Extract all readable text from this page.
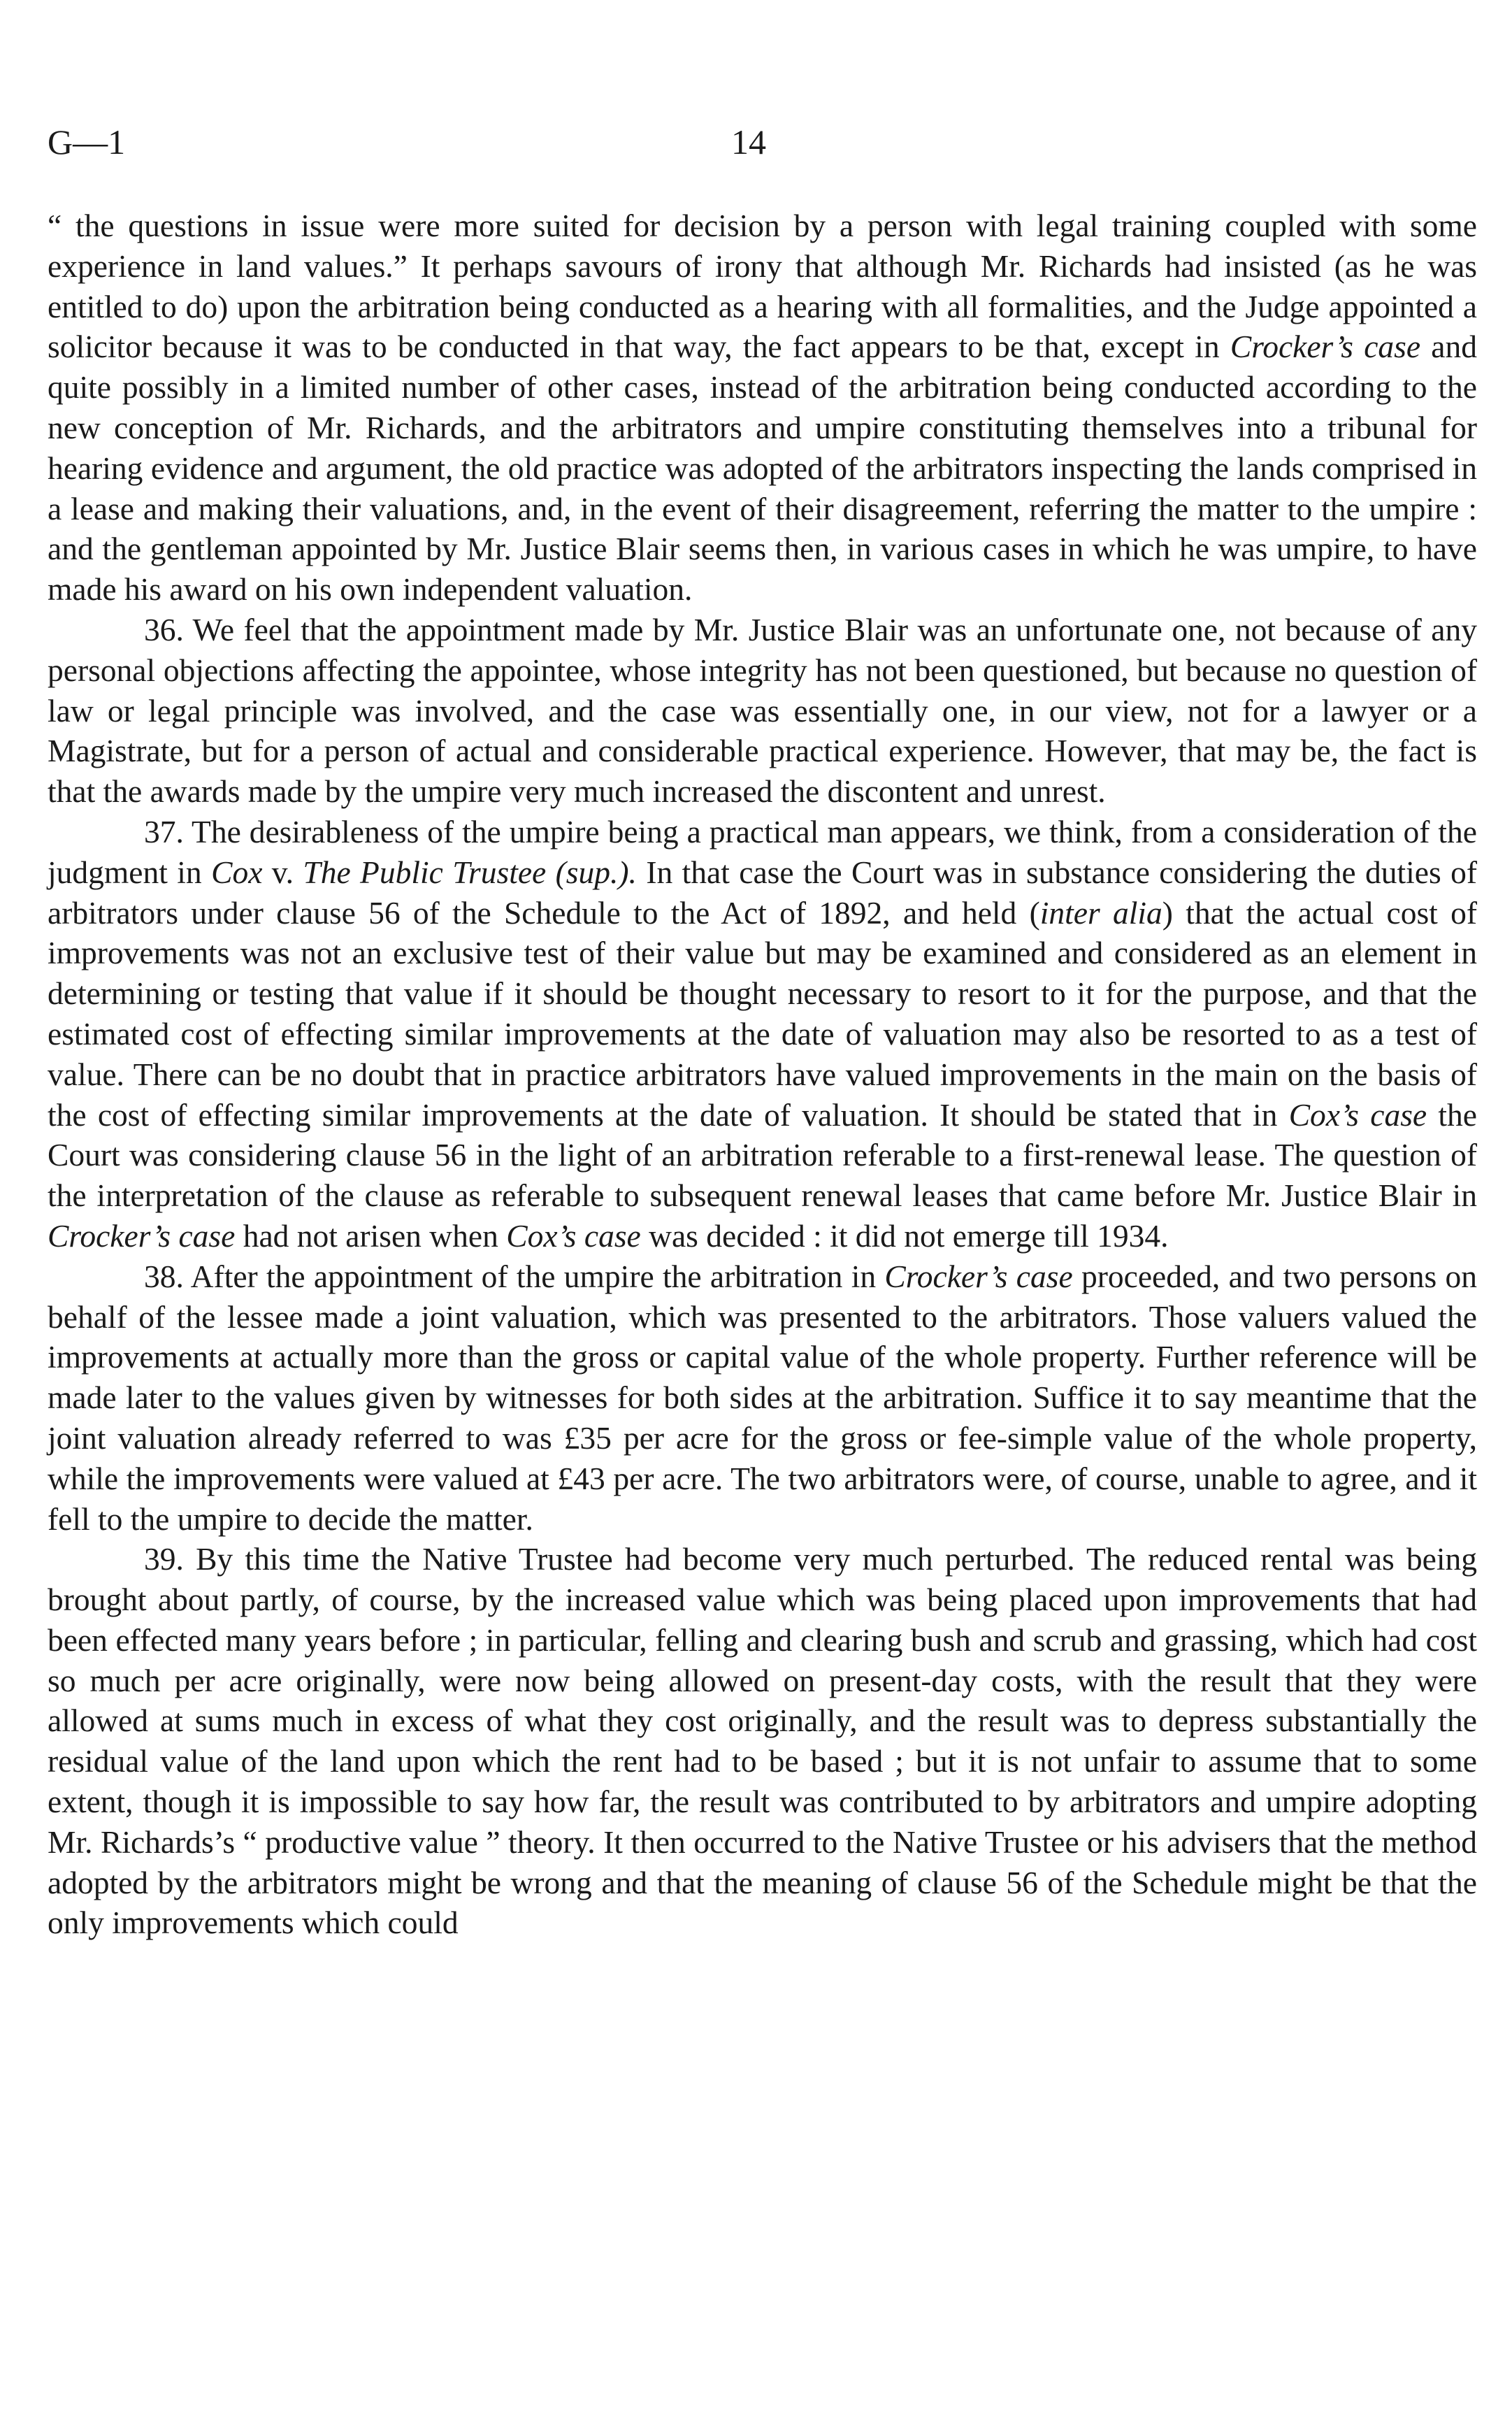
G—1	14

“ the questions in issue were more suited for decision by a person with legal training coupled with some experience in land values.” It perhaps savours of irony that although Mr. Richards had insisted (as he was entitled to do) upon the arbitration being conducted as a hearing with all formalities, and the Judge appointed a solicitor because it was to be conducted in that way, the fact appears to be that, except in Crocker’s case and quite possibly in a limited number of other cases, instead of the arbitration being conducted according to the new conception of Mr. Richards, and the arbitrators and umpire constituting themselves into a tribunal for hearing evidence and argument, the old practice was adopted of the arbitrators inspecting the lands comprised in a lease and making their valuations, and, in the event of their disagreement, referring the matter to the umpire : and the gentleman appointed by Mr. Justice Blair seems then, in various cases in which he was umpire, to have made his award on his own independent valuation.

36. We feel that the appointment made by Mr. Justice Blair was an unfortunate one, not because of any personal objections affecting the appointee, whose integrity has not been questioned, but because no question of law or legal principle was involved, and the case was essentially one, in our view, not for a lawyer or a Magistrate, but for a person of actual and considerable practical experience. However, that may be, the fact is that the awards made by the umpire very much increased the discontent and unrest.

37. The desirableness of the umpire being a practical man appears, we think, from a consideration of the judgment in Cox v. The Public Trustee (sup.). In that case the Court was in substance considering the duties of arbitrators under clause 56 of the Schedule to the Act of 1892, and held (inter alia) that the actual cost of improvements was not an exclusive test of their value but may be examined and considered as an element in determining or testing that value if it should be thought necessary to resort to it for the purpose, and that the estimated cost of effecting similar improvements at the date of valuation may also be resorted to as a test of value. There can be no doubt that in practice arbitrators have valued improvements in the main on the basis of the cost of effecting similar improvements at the date of valuation. It should be stated that in Cox’s case the Court was considering clause 56 in the light of an arbitration referable to a first-renewal lease. The question of the interpretation of the clause as referable to subsequent renewal leases that came before Mr. Justice Blair in Crocker’s case had not arisen when Cox’s case was decided : it did not emerge till 1934.

38. After the appointment of the umpire the arbitration in Crocker’s case proceeded, and two persons on behalf of the lessee made a joint valuation, which was presented to the arbitrators. Those valuers valued the improvements at actually more than the gross or capital value of the whole property. Further reference will be made later to the values given by witnesses for both sides at the arbitration. Suffice it to say meantime that the joint valuation already referred to was £35 per acre for the gross or fee-simple value of the whole property, while the improvements were valued at £43 per acre. The two arbitrators were, of course, unable to agree, and it fell to the umpire to decide the matter.

39. By this time the Native Trustee had become very much perturbed. The reduced rental was being brought about partly, of course, by the increased value which was being placed upon improvements that had been effected many years before ; in particular, felling and clearing bush and scrub and grassing, which had cost so much per acre originally, were now being allowed on present-day costs, with the result that they were allowed at sums much in excess of what they cost originally, and the result was to depress substantially the residual value of the land upon which the rent had to be based ; but it is not unfair to assume that to some extent, though it is impossible to say how far, the result was contributed to by arbitrators and umpire adopting Mr. Richards’s “ productive value ” theory. It then occurred to the Native Trustee or his advisers that the method adopted by the arbitrators might be wrong and that the meaning of clause 56 of the Schedule might be that the only improvements which could
